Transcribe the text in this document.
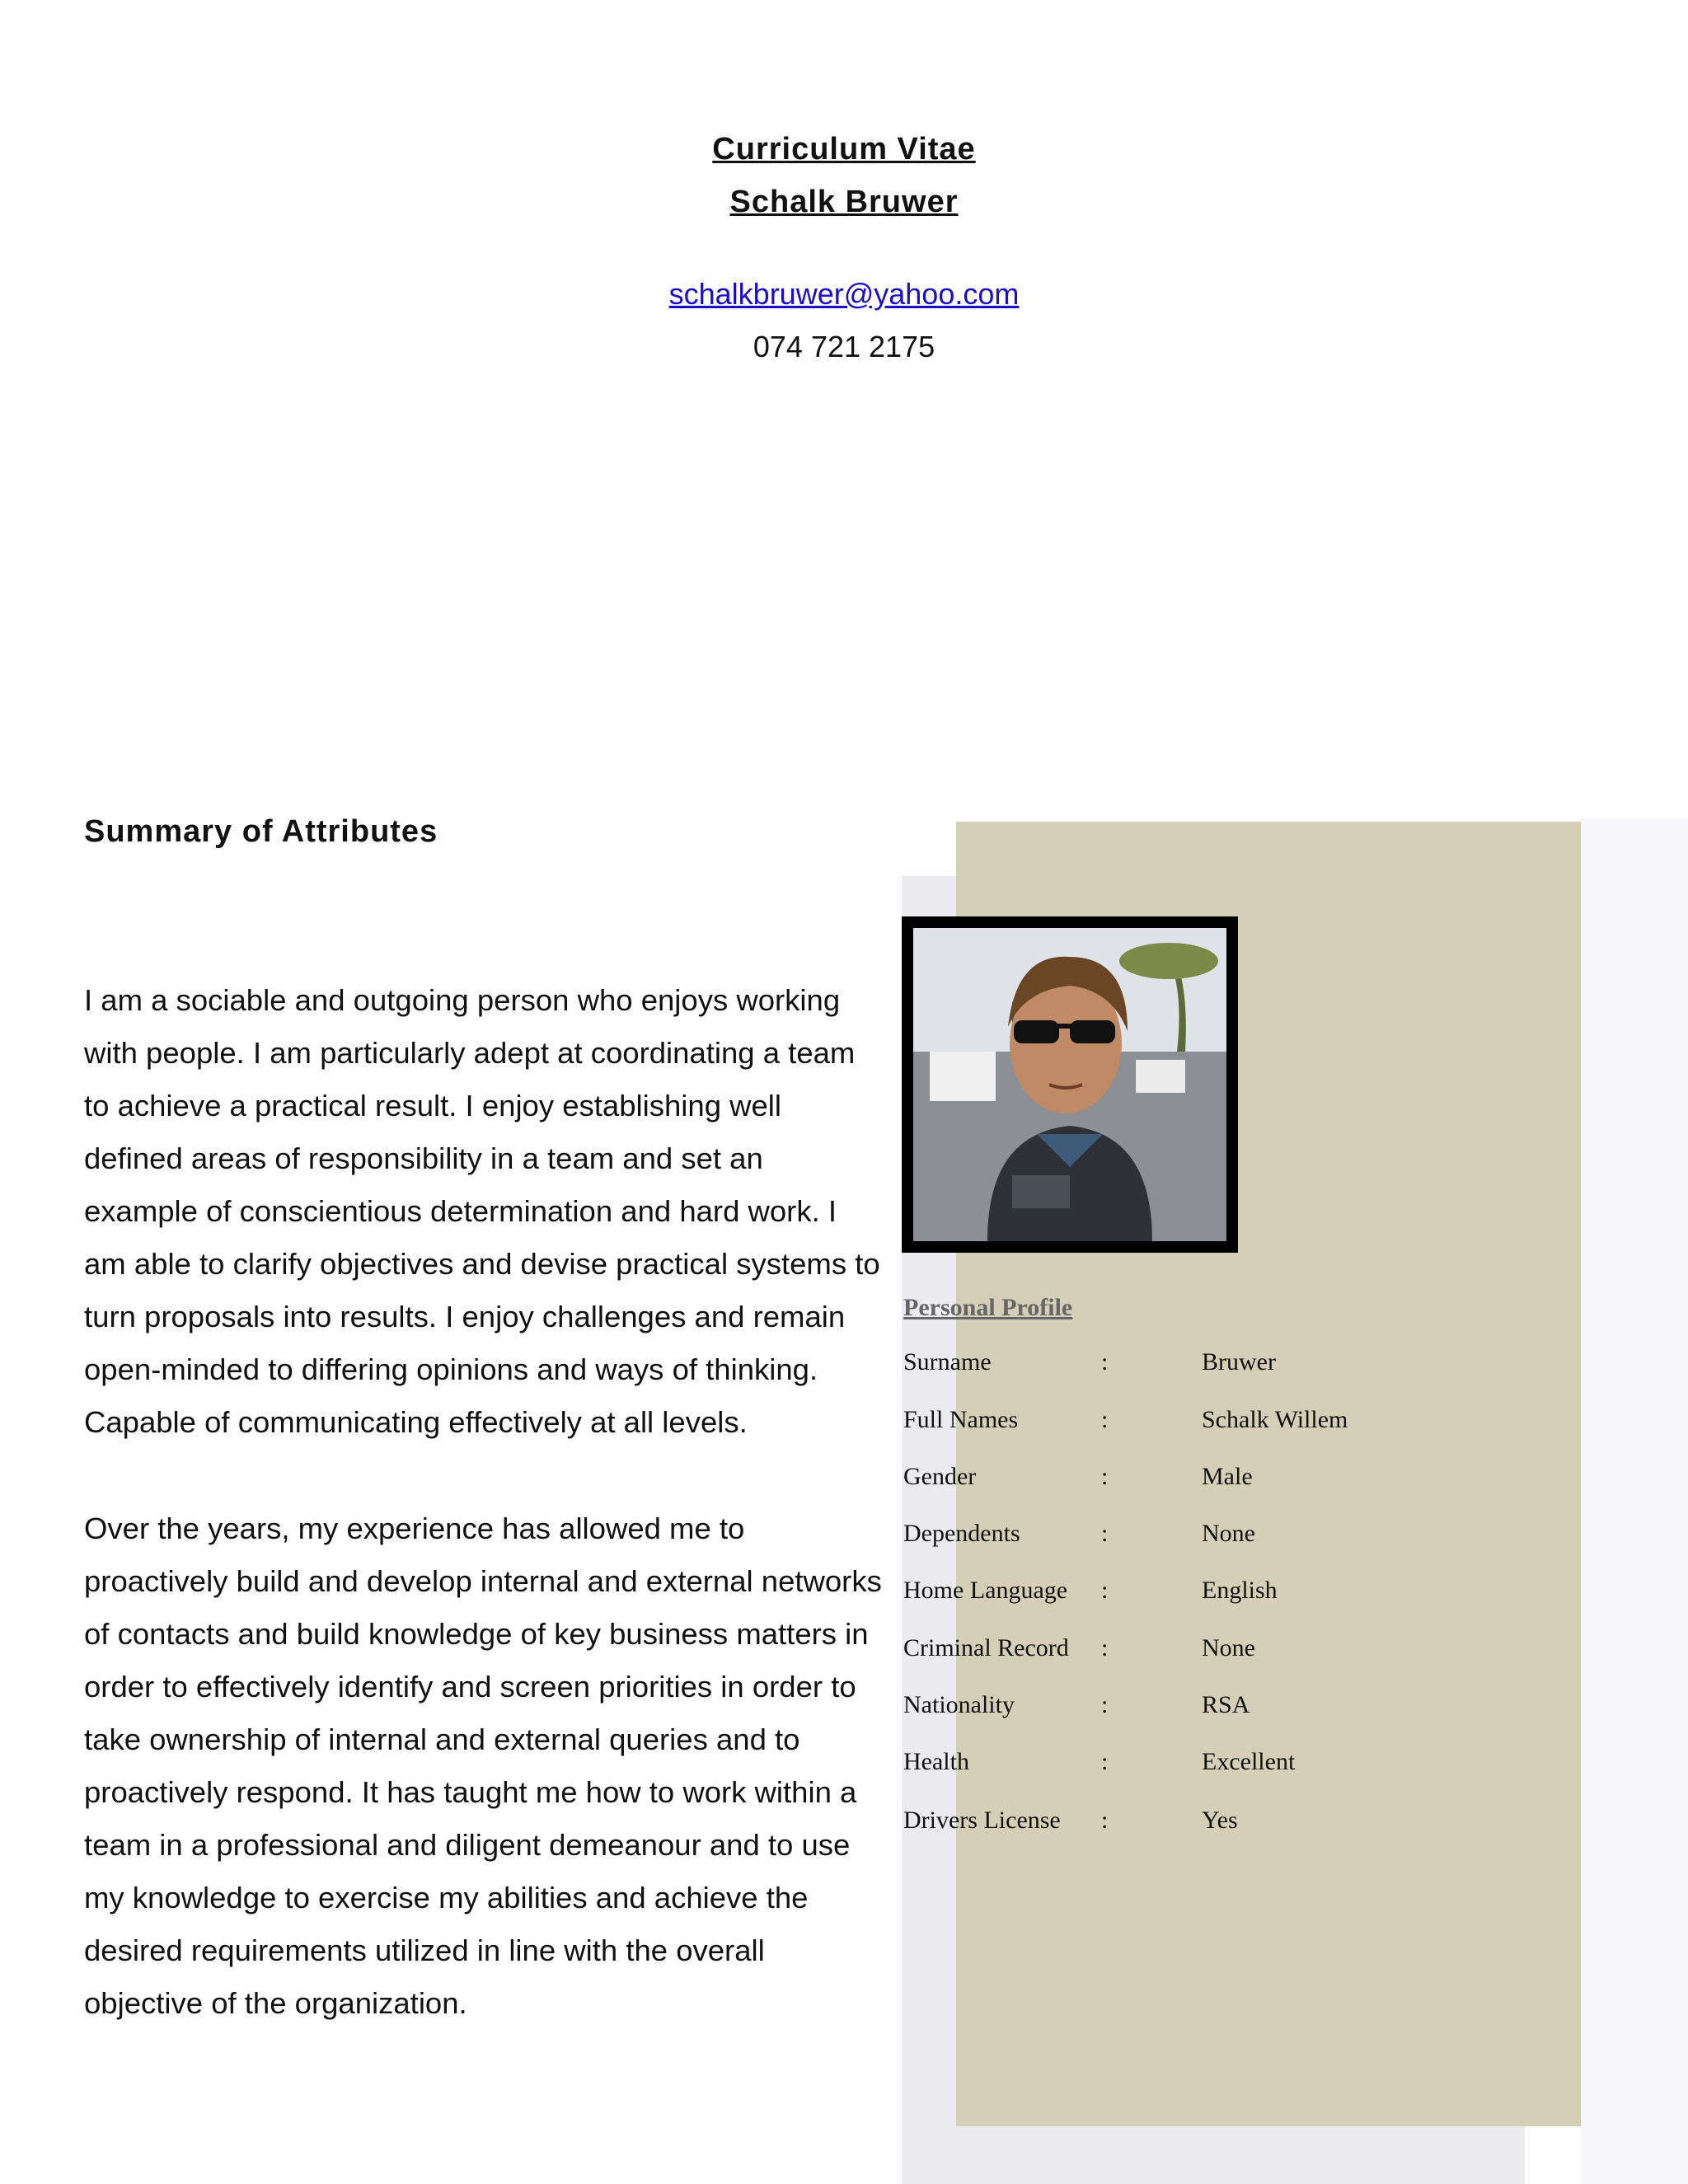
Curriculum Vitae
Schalk Bruwer
schalkbruwer@yahoo.com
074 721 2175
Summary of Attributes

I am a sociable and outgoing person who enjoys working with people. I am particularly adept at coordinating a team to achieve a practical result. I enjoy establishing well defined areas of responsibility in a team and set an example of conscientious determination and hard work. I am able to clarify objectives and devise practical systems to turn proposals into results. I enjoy challenges and remain open-minded to differing opinions and ways of thinking. Capable of communicating effectively at all levels.

Over the years, my experience has allowed me to proactively build and develop internal and external networks of contacts and build knowledge of key business matters in order to effectively identify and screen priorities in order to take ownership of internal and external queries and to proactively respond. It has taught me how to work within a team in a professional and diligent demeanour and to use my knowledge to exercise my abilities and achieve the desired requirements utilized in line with the overall objective of the organization.

Personal Profile
Surname	:	Bruwer
Full Names	:	Schalk Willem
Gender	:	Male
Dependents	:	None
Home Language :	English
Criminal Record :	None
Nationality	:	RSA
Health	:	Excellent
Drivers License :	Yes
